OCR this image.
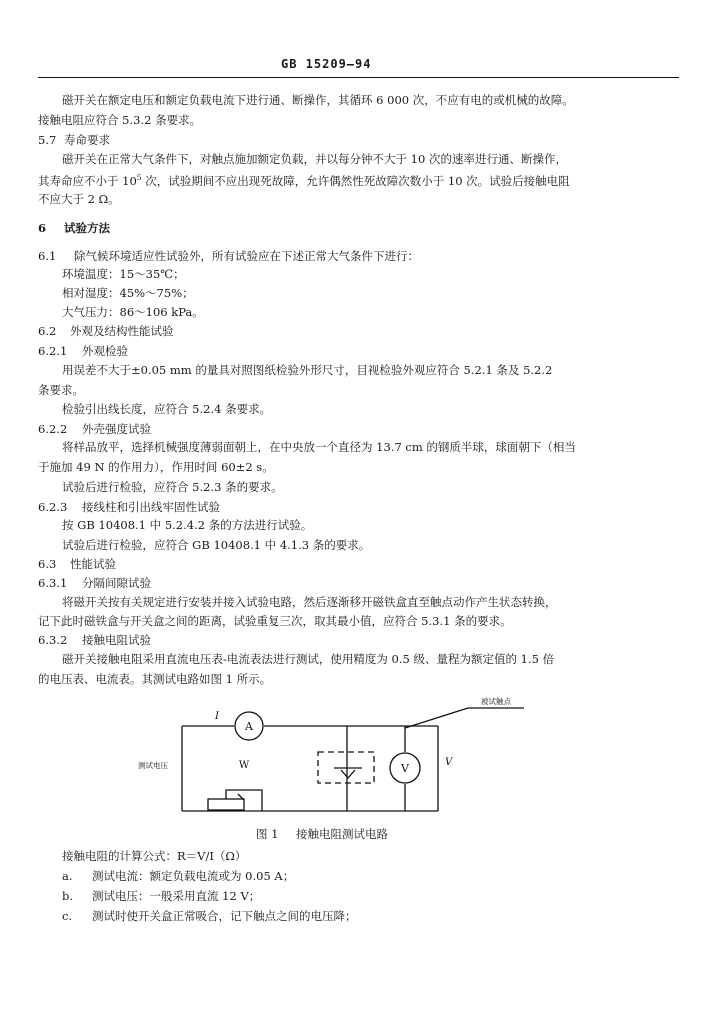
GB 15209—94
磁开关在额定电压和额定负载电流下进行通、断操作，其循环 6 000 次，不应有电的或机械的故障。
接触电阻应符合 5.3.2 条要求。
5.7 寿命要求
磁开关在正常大气条件下，对触点施加额定负载，并以每分钟不大于 10 次的速率进行通、断操作，
其寿命应不小于 $10^5$ 次，试验期间不应出现死故障，允许偶然性死故障次数小于 10 次。试验后接触电阻
不应大于 2 Ω。
6 试验方法
6.1 除气候环境适应性试验外，所有试验应在下述正常大气条件下进行：
环境温度：15～35℃；
相对湿度：45%～75%；
大气压力：86～106 kPa。
6.2 外观及结构性能试验
6.2.1 外观检验
用误差不大于±0.05 mm 的量具对照图纸检验外形尺寸，目视检验外观应符合 5.2.1 条及 5.2.2
条要求。
检验引出线长度，应符合 5.2.4 条要求。
6.2.2 外壳强度试验
将样品放平，选择机械强度薄弱面朝上，在中央放一个直径为 13.7 cm 的钢质半球，球面朝下（相当
于施加 49 N 的作用力），作用时间 60±2 s。
试验后进行检验，应符合 5.2.3 条的要求。
6.2.3 接线柱和引出线牢固性试验
按 GB 10408.1 中 5.2.4.2 条的方法进行试验。
试验后进行检验，应符合 GB 10408.1 中 4.1.3 条的要求。
6.3 性能试验
6.3.1 分隔间隙试验
将磁开关按有关规定进行安装并接入试验电路，然后逐渐移开磁铁盒直至触点动作产生状态转换，
记下此时磁铁盒与开关盒之间的距离，试验重复三次，取其最小值，应符合 5.3.1 条的要求。
6.3.2 接触电阻试验
磁开关接触电阻采用直流电压表-电流表法进行测试，使用精度为 0.5 级、量程为额定值的 1.5 倍
的电压表、电流表。其测试电路如图 1 所示。
A
V
I
测试电压	W	V
被试触点
图 1 接触电阻测试电路
接触电阻的计算公式：R＝V/I（Ω）
a. 测试电流：额定负载电流或为 0.05 A；
b. 测试电压：一般采用直流 12 V；
c. 测试时使开关盒正常吸合，记下触点之间的电压降；
